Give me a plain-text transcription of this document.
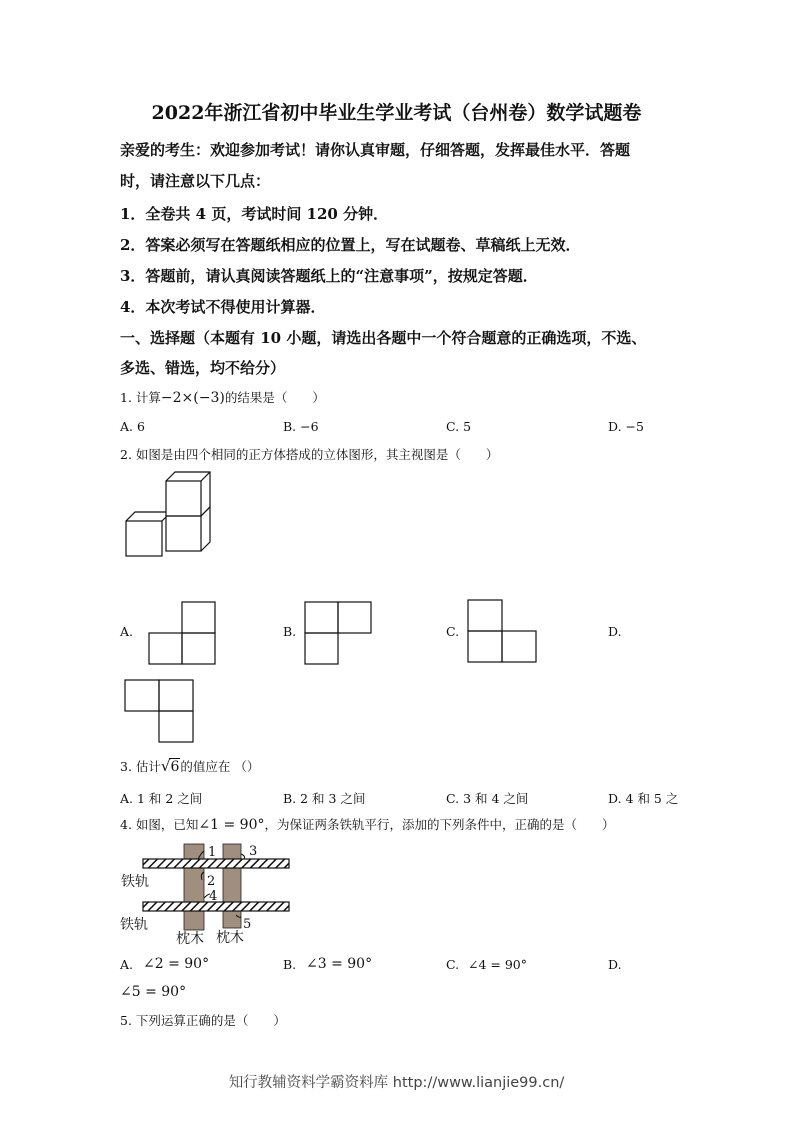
2022年浙江省初中毕业生学业考试（台州卷）数学试题卷
亲爱的考生：欢迎参加考试！请你认真审题，仔细答题，发挥最佳水平．答题
时，请注意以下几点：
1．全卷共 4 页，考试时间 120 分钟．
2．答案必须写在答题纸相应的位置上，写在试题卷、草稿纸上无效．
3．答题前，请认真阅读答题纸上的“注意事项”，按规定答题．
4．本次考试不得使用计算器．
一、选择题（本题有 10 小题，请选出各题中一个符合题意的正确选项，不选、
多选、错选，均不给分）
1. 计算−2×(−3)的结果是（　　）
A. 6	B. −6	C. 5	D. −5
2. 如图是由四个相同的正方体搭成的立体图形，其主视图是（　　）
A.	B.	C.	D.
3. 估计√6的值应在 （）
A. 1 和 2 之间	B. 2 和 3 之间	C. 3 和 4 之间	D. 4 和 5 之
4. 如图，已知∠1 = 90°，为保证两条铁轨平行，添加的下列条件中，正确的是（　　）
1
2
3
4
5
铁轨
铁轨
枕木 枕木
A. ∠2 = 90°	B. ∠3 = 90°	C. ∠4 = 90°	D.
∠5 = 90°
5. 下列运算正确的是（　　）
知行教辅资料学霸资料库 http://www.lianjie99.cn/
